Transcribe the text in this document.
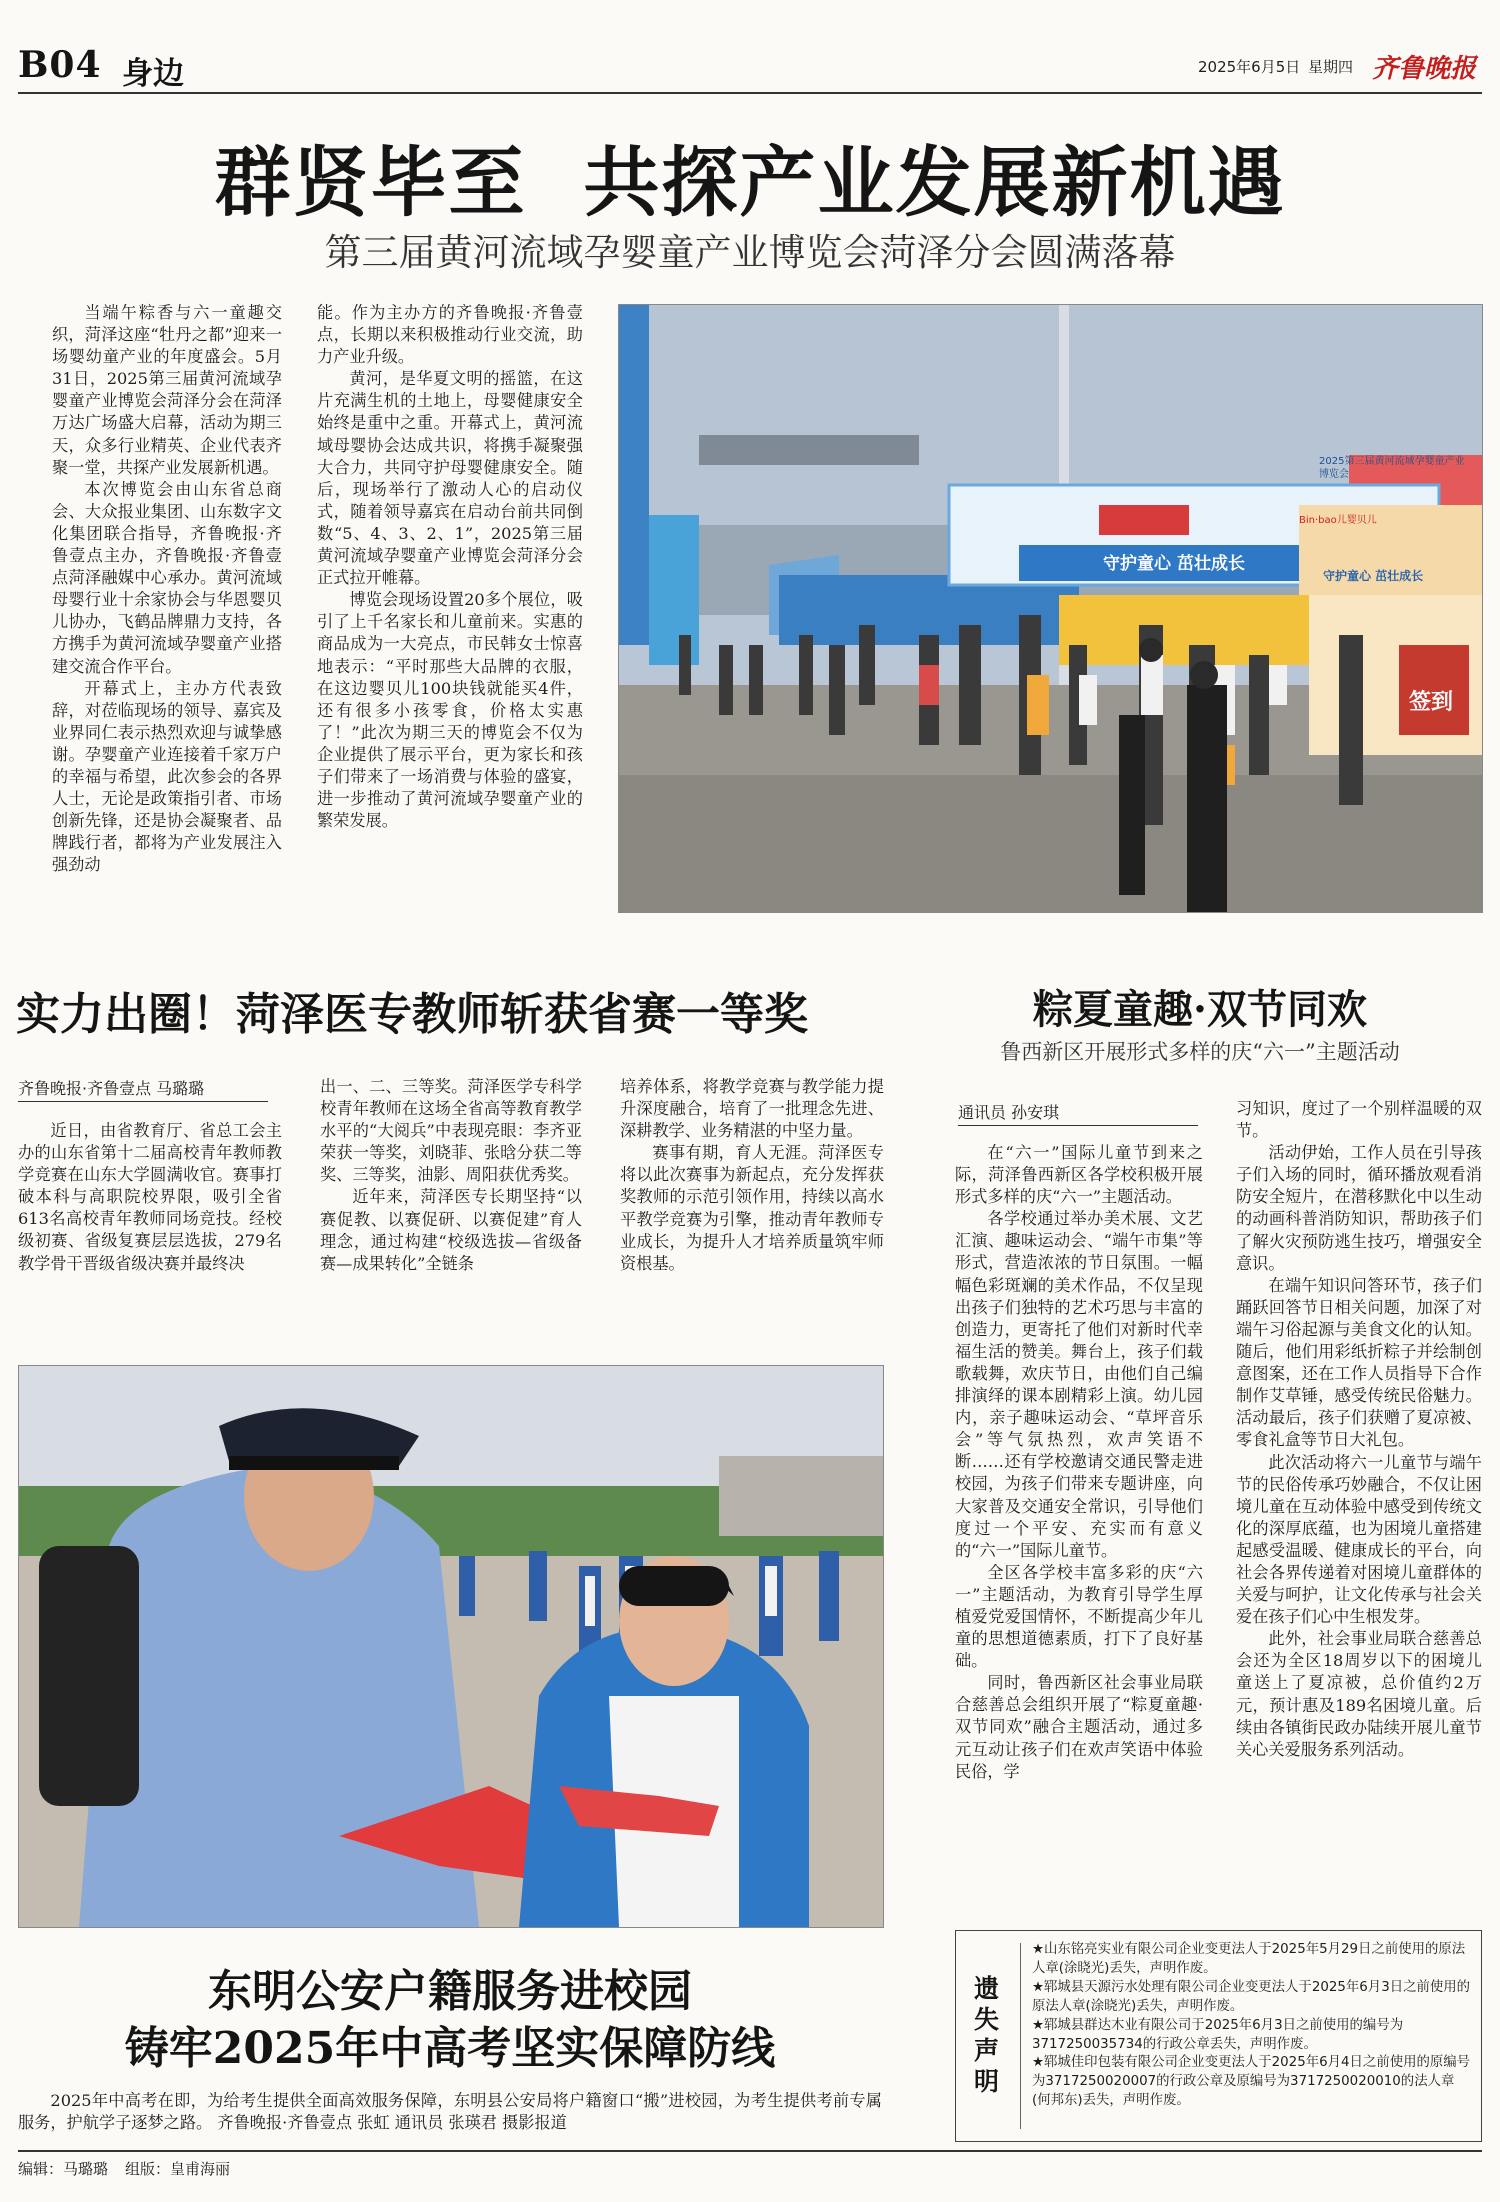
B04 身边	2025年6月5日 星期四 齐鲁晚报
群贤毕至  共探产业发展新机遇
第三届黄河流域孕婴童产业博览会菏泽分会圆满落幕

当端午粽香与六一童趣交织，菏泽这座“牡丹之都”迎来一场婴幼童产业的年度盛会。5月31日，2025第三届黄河流域孕婴童产业博览会菏泽分会在菏泽万达广场盛大启幕，活动为期三天，众多行业精英、企业代表齐聚一堂，共探产业发展新机遇。

本次博览会由山东省总商会、大众报业集团、山东数字文化集团联合指导，齐鲁晚报·齐鲁壹点主办，齐鲁晚报·齐鲁壹点菏泽融媒中心承办。黄河流域母婴行业十余家协会与华恩婴贝儿协办，飞鹤品牌鼎力支持，各方携手为黄河流域孕婴童产业搭建交流合作平台。

开幕式上，主办方代表致辞，对莅临现场的领导、嘉宾及业界同仁表示热烈欢迎与诚挚感谢。孕婴童产业连接着千家万户的幸福与希望，此次参会的各界人士，无论是政策指引者、市场创新先锋，还是协会凝聚者、品牌践行者，都将为产业发展注入强劲动

能。作为主办方的齐鲁晚报·齐鲁壹点，长期以来积极推动行业交流，助力产业升级。

黄河，是华夏文明的摇篮，在这片充满生机的土地上，母婴健康安全始终是重中之重。开幕式上，黄河流域母婴协会达成共识，将携手凝聚强大合力，共同守护母婴健康安全。随后，现场举行了激动人心的启动仪式，随着领导嘉宾在启动台前共同倒数“5、4、3、2、1”，2025第三届黄河流域孕婴童产业博览会菏泽分会正式拉开帷幕。

博览会现场设置20多个展位，吸引了上千名家长和儿童前来。实惠的商品成为一大亮点，市民韩女士惊喜地表示：“平时那些大品牌的衣服，在这边婴贝儿100块钱就能买4件，还有很多小孩零食，价格太实惠了！”此次为期三天的博览会不仅为企业提供了展示平台，更为家长和孩子们带来了一场消费与体验的盛宴，进一步推动了黄河流域孕婴童产业的繁荣发展。

守护童心 茁壮成长
Bin·bao儿婴贝儿
2025第三届黄河流域孕婴童产业博览会
守护童心 茁壮成长
签到
实力出圈！菏泽医专教师斩获省赛一等奖
齐鲁晚报·齐鲁壹点 马璐璐

近日，由省教育厅、省总工会主办的山东省第十二届高校青年教师教学竞赛在山东大学圆满收官。赛事打破本科与高职院校界限，吸引全省613名高校青年教师同场竞技。经校级初赛、省级复赛层层选拔，279名教学骨干晋级省级决赛并最终决

出一、二、三等奖。菏泽医学专科学校青年教师在这场全省高等教育教学水平的“大阅兵”中表现亮眼：李齐亚荣获一等奖，刘晓菲、张晗分获二等奖、三等奖，油影、周阳获优秀奖。

近年来，菏泽医专长期坚持“以赛促教、以赛促研、以赛促建”育人理念，通过构建“校级选拔—省级备赛—成果转化”全链条

培养体系，将教学竞赛与教学能力提升深度融合，培育了一批理念先进、深耕教学、业务精湛的中坚力量。

赛事有期，育人无涯。菏泽医专将以此次赛事为新起点，充分发挥获奖教师的示范引领作用，持续以高水平教学竞赛为引擎，推动青年教师专业成长，为提升人才培养质量筑牢师资根基。

粽夏童趣·双节同欢
鲁西新区开展形式多样的庆“六一”主题活动
通讯员 孙安琪

在“六一”国际儿童节到来之际，菏泽鲁西新区各学校积极开展形式多样的庆“六一”主题活动。

各学校通过举办美术展、文艺汇演、趣味运动会、“端午市集”等形式，营造浓浓的节日氛围。一幅幅色彩斑斓的美术作品，不仅呈现出孩子们独特的艺术巧思与丰富的创造力，更寄托了他们对新时代幸福生活的赞美。舞台上，孩子们载歌载舞，欢庆节日，由他们自己编排演绎的课本剧精彩上演。幼儿园内，亲子趣味运动会、“草坪音乐会”等气氛热烈，欢声笑语不断……还有学校邀请交通民警走进校园，为孩子们带来专题讲座，向大家普及交通安全常识，引导他们度过一个平安、充实而有意义的“六一”国际儿童节。

全区各学校丰富多彩的庆“六一”主题活动，为教育引导学生厚植爱党爱国情怀，不断提高少年儿童的思想道德素质，打下了良好基础。

同时，鲁西新区社会事业局联合慈善总会组织开展了“粽夏童趣·双节同欢”融合主题活动，通过多元互动让孩子们在欢声笑语中体验民俗，学

习知识，度过了一个别样温暖的双节。

活动伊始，工作人员在引导孩子们入场的同时，循环播放观看消防安全短片，在潜移默化中以生动的动画科普消防知识，帮助孩子们了解火灾预防逃生技巧，增强安全意识。

在端午知识问答环节，孩子们踊跃回答节日相关问题，加深了对端午习俗起源与美食文化的认知。随后，他们用彩纸折粽子并绘制创意图案，还在工作人员指导下合作制作艾草锤，感受传统民俗魅力。活动最后，孩子们获赠了夏凉被、零食礼盒等节日大礼包。

此次活动将六一儿童节与端午节的民俗传承巧妙融合，不仅让困境儿童在互动体验中感受到传统文化的深厚底蕴，也为困境儿童搭建起感受温暖、健康成长的平台，向社会各界传递着对困境儿童群体的关爱与呵护，让文化传承与社会关爱在孩子们心中生根发芽。

此外，社会事业局联合慈善总会还为全区18周岁以下的困境儿童送上了夏凉被，总价值约2万元，预计惠及189名困境儿童。后续由各镇街民政办陆续开展儿童节关心关爱服务系列活动。

东明公安户籍服务进校园
铸牢2025年中高考坚实保障防线

2025年中高考在即，为给考生提供全面高效服务保障，东明县公安局将户籍窗口“搬”进校园，为考生提供考前专属服务，护航学子逐梦之路。 齐鲁晚报·齐鲁壹点 张虹 通讯员 张瑛君 摄影报道

遗失声明
★山东铭亮实业有限公司企业变更法人于2025年5月29日之前使用的原法人章(涂晓光)丢失，声明作废。
★郓城县天源污水处理有限公司企业变更法人于2025年6月3日之前使用的原法人章(涂晓光)丢失，声明作废。
★郓城县群达木业有限公司于2025年6月3日之前使用的编号为3717250035734的行政公章丢失，声明作废。
★郓城佳印包装有限公司企业变更法人于2025年6月4日之前使用的原编号为3717250020007的行政公章及原编号为3717250020010的法人章(何邦东)丢失，声明作废。
编辑：马璐璐 组版：皇甫海丽
